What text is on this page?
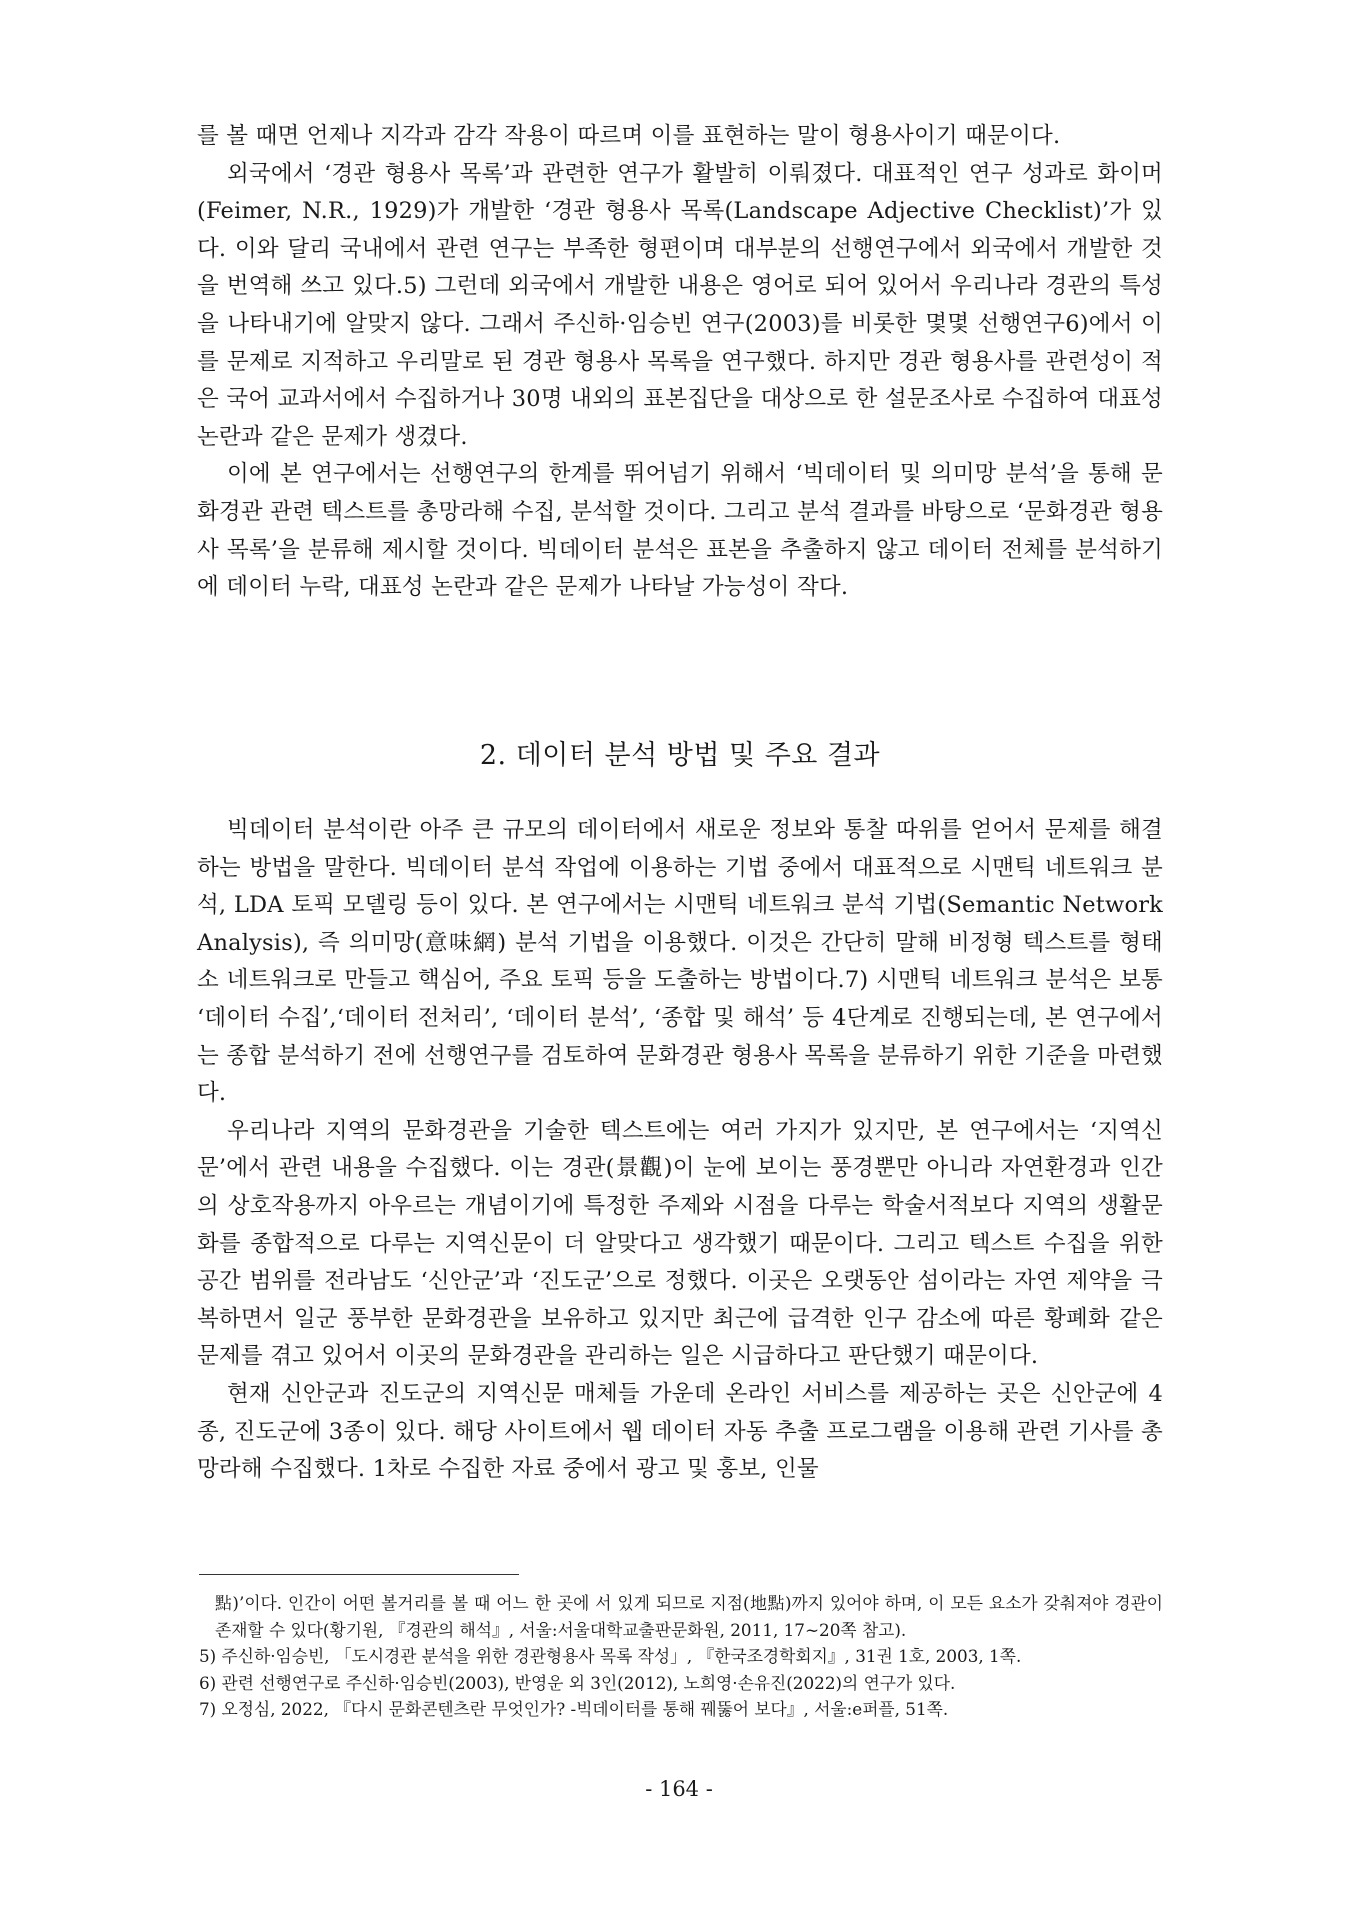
를 볼 때면 언제나 지각과 감각 작용이 따르며 이를 표현하는 말이 형용사이기 때문이다.

외국에서 ‘경관 형용사 목록’과 관련한 연구가 활발히 이뤄졌다. 대표적인 연구 성과로 화이머(Feimer, N.R., 1929)가 개발한 ‘경관 형용사 목록(Landscape Adjective Checklist)’가 있다. 이와 달리 국내에서 관련 연구는 부족한 형편이며 대부분의 선행연구에서 외국에서 개발한 것을 번역해 쓰고 있다.5) 그런데 외국에서 개발한 내용은 영어로 되어 있어서 우리나라 경관의 특성을 나타내기에 알맞지 않다. 그래서 주신하·임승빈 연구(2003)를 비롯한 몇몇 선행연구6)에서 이를 문제로 지적하고 우리말로 된 경관 형용사 목록을 연구했다. 하지만 경관 형용사를 관련성이 적은 국어 교과서에서 수집하거나 30명 내외의 표본집단을 대상으로 한 설문조사로 수집하여 대표성 논란과 같은 문제가 생겼다.

이에 본 연구에서는 선행연구의 한계를 뛰어넘기 위해서 ‘빅데이터 및 의미망 분석’을 통해 문화경관 관련 텍스트를 총망라해 수집, 분석할 것이다. 그리고 분석 결과를 바탕으로 ‘문화경관 형용사 목록’을 분류해 제시할 것이다. 빅데이터 분석은 표본을 추출하지 않고 데이터 전체를 분석하기에 데이터 누락, 대표성 논란과 같은 문제가 나타날 가능성이 작다.

2. 데이터 분석 방법 및 주요 결과

빅데이터 분석이란 아주 큰 규모의 데이터에서 새로운 정보와 통찰 따위를 얻어서 문제를 해결하는 방법을 말한다. 빅데이터 분석 작업에 이용하는 기법 중에서 대표적으로 시맨틱 네트워크 분석, LDA 토픽 모델링 등이 있다. 본 연구에서는 시맨틱 네트워크 분석 기법(Semantic Network Analysis), 즉 의미망(意味網) 분석 기법을 이용했다. 이것은 간단히 말해 비정형 텍스트를 형태소 네트워크로 만들고 핵심어, 주요 토픽 등을 도출하는 방법이다.7) 시맨틱 네트워크 분석은 보통 ‘데이터 수집’,‘데이터 전처리’, ‘데이터 분석’, ‘종합 및 해석’ 등 4단계로 진행되는데, 본 연구에서는 종합 분석하기 전에 선행연구를 검토하여 문화경관 형용사 목록을 분류하기 위한 기준을 마련했다.

우리나라 지역의 문화경관을 기술한 텍스트에는 여러 가지가 있지만, 본 연구에서는 ‘지역신문’에서 관련 내용을 수집했다. 이는 경관(景觀)이 눈에 보이는 풍경뿐만 아니라 자연환경과 인간의 상호작용까지 아우르는 개념이기에 특정한 주제와 시점을 다루는 학술서적보다 지역의 생활문화를 종합적으로 다루는 지역신문이 더 알맞다고 생각했기 때문이다. 그리고 텍스트 수집을 위한 공간 범위를 전라남도 ‘신안군’과 ‘진도군’으로 정했다. 이곳은 오랫동안 섬이라는 자연 제약을 극복하면서 일군 풍부한 문화경관을 보유하고 있지만 최근에 급격한 인구 감소에 따른 황폐화 같은 문제를 겪고 있어서 이곳의 문화경관을 관리하는 일은 시급하다고 판단했기 때문이다.

현재 신안군과 진도군의 지역신문 매체들 가운데 온라인 서비스를 제공하는 곳은 신안군에 4종, 진도군에 3종이 있다. 해당 사이트에서 웹 데이터 자동 추출 프로그램을 이용해 관련 기사를 총망라해 수집했다. 1차로 수집한 자료 중에서 광고 및 홍보, 인물

點)’이다. 인간이 어떤 볼거리를 볼 때 어느 한 곳에 서 있게 되므로 지점(地點)까지 있어야 하며, 이 모든 요소가 갖춰져야 경관이 존재할 수 있다(황기원, 『경관의 해석』, 서울:서울대학교출판문화원, 2011, 17∼20쪽 참고).

5) 주신하·임승빈, 「도시경관 분석을 위한 경관형용사 목록 작성」, 『한국조경학회지』, 31권 1호, 2003, 1쪽.

6) 관련 선행연구로 주신하·임승빈(2003), 반영운 외 3인(2012), 노희영·손유진(2022)의 연구가 있다.

7) 오정심, 2022, 『다시 문화콘텐츠란 무엇인가? -빅데이터를 통해 꿰뚫어 보다』, 서울:e퍼플, 51쪽.

- 164 -
